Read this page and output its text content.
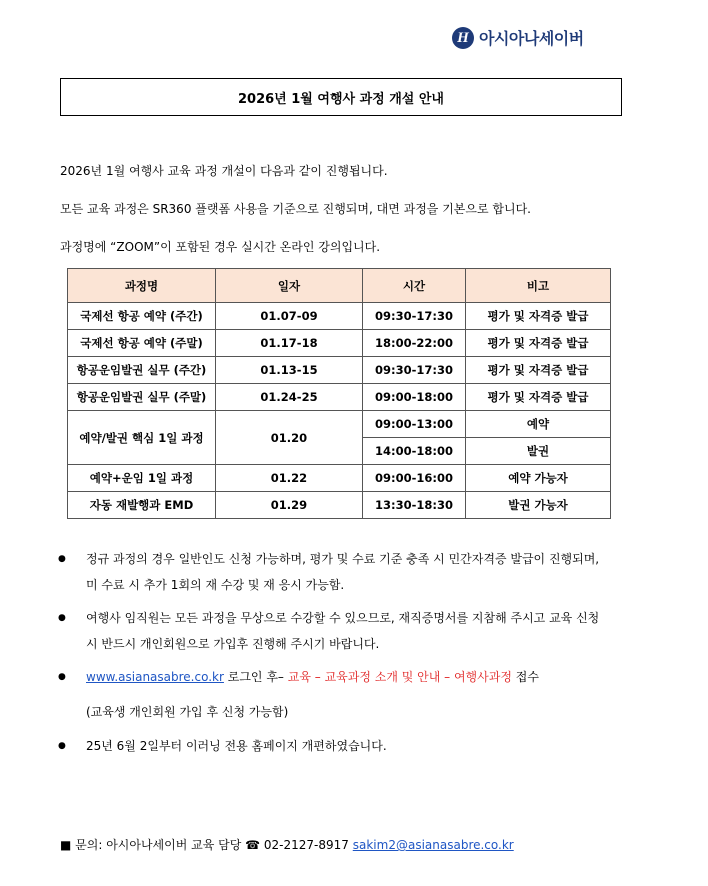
H 아시아나세이버
2026년 1월 여행사 과정 개설 안내
2026년 1월 여행사 교육 과정 개설이 다음과 같이 진행됩니다.
모든 교육 과정은 SR360 플랫폼 사용을 기준으로 진행되며, 대면 과정을 기본으로 합니다.
과정명에 “ZOOM”이 포함된 경우 실시간 온라인 강의입니다.
과정명	일자	시간	비고
국제선 항공 예약 (주간)	01.07-09	09:30-17:30	평가 및 자격증 발급
국제선 항공 예약 (주말)	01.17-18	18:00-22:00	평가 및 자격증 발급
항공운임발권 실무 (주간)	01.13-15	09:30-17:30	평가 및 자격증 발급
항공운임발권 실무 (주말)	01.24-25	09:00-18:00	평가 및 자격증 발급
예약/발권 핵심 1일 과정	01.20	09:00-13:00	예약
		14:00-18:00	발권
예약+운임 1일 과정	01.22	09:00-16:00	예약 가능자
자동 재발행과 EMD	01.29	13:30-18:30	발권 가능자
● 정규 과정의 경우 일반인도 신청 가능하며, 평가 및 수료 기준 충족 시 민간자격증 발급이 진행되며,
미 수료 시 추가 1회의 재 수강 및 재 응시 가능함.
● 여행사 임직원는 모든 과정을 무상으로 수강할 수 있으므로, 재직증명서를 지참해 주시고 교육 신청
시 반드시 개인회원으로 가입후 진행해 주시기 바랍니다.
● www.asianasabre.co.kr 로그인 후– 교육 – 교육과정 소개 및 안내 – 여행사과정 접수
(교육생 개인회원 가입 후 신청 가능함)
● 25년 6월 2일부터 이러닝 전용 홈페이지 개편하였습니다.
■ 문의: 아시아나세이버 교육 담당 ☎ 02-2127-8917 sakim2@asianasabre.co.kr
